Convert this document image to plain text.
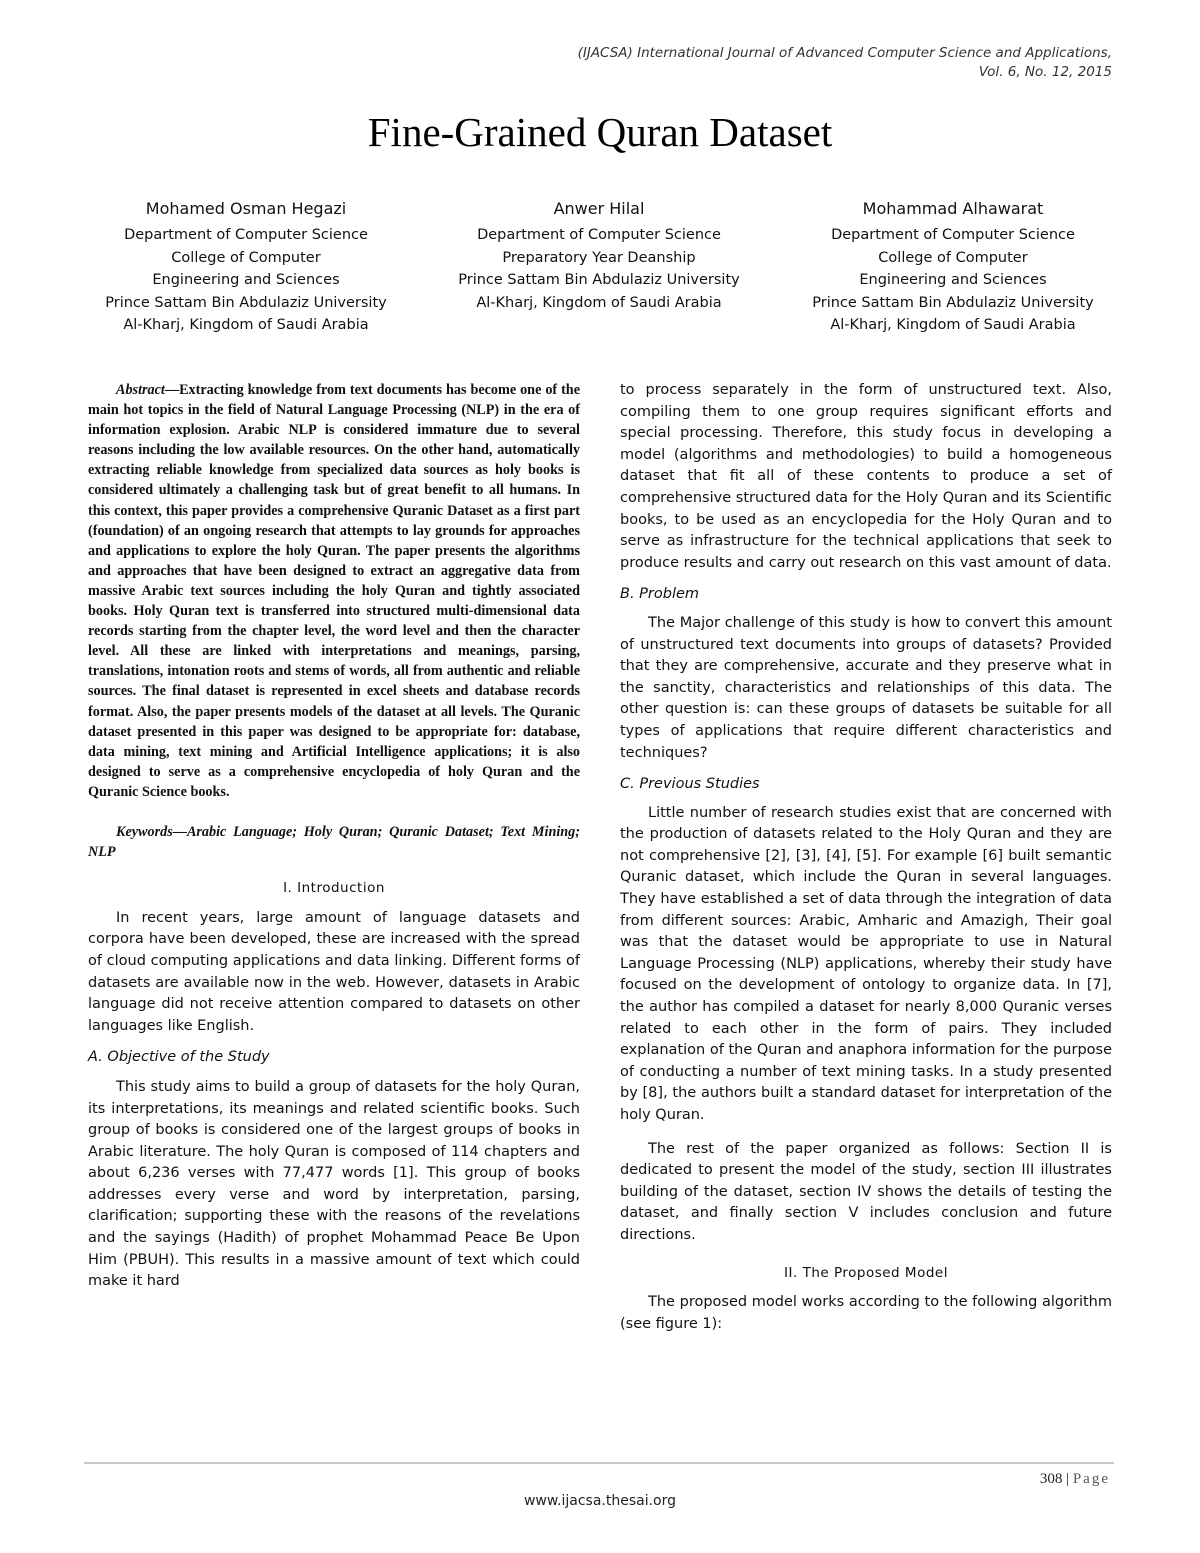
(IJACSA) International Journal of Advanced Computer Science and Applications,
Vol. 6, No. 12, 2015
Fine-Grained Quran Dataset
Mohamed Osman Hegazi
Department of Computer Science
College of Computer
Engineering and Sciences
Prince Sattam Bin Abdulaziz University
Al-Kharj, Kingdom of Saudi Arabia
Anwer Hilal
Department of Computer Science
Preparatory Year Deanship
Prince Sattam Bin Abdulaziz University
Al-Kharj, Kingdom of Saudi Arabia
Mohammad Alhawarat
Department of Computer Science
College of Computer
Engineering and Sciences
Prince Sattam Bin Abdulaziz University
Al-Kharj, Kingdom of Saudi Arabia

Abstract—Extracting knowledge from text documents has become one of the main hot topics in the field of Natural Language Processing (NLP) in the era of information explosion. Arabic NLP is considered immature due to several reasons including the low available resources. On the other hand, automatically extracting reliable knowledge from specialized data sources as holy books is considered ultimately a challenging task but of great benefit to all humans. In this context, this paper provides a comprehensive Quranic Dataset as a first part (foundation) of an ongoing research that attempts to lay grounds for approaches and applications to explore the holy Quran. The paper presents the algorithms and approaches that have been designed to extract an aggregative data from massive Arabic text sources including the holy Quran and tightly associated books. Holy Quran text is transferred into structured multi-dimensional data records starting from the chapter level, the word level and then the character level. All these are linked with interpretations and meanings, parsing, translations, intonation roots and stems of words, all from authentic and reliable sources. The final dataset is represented in excel sheets and database records format. Also, the paper presents models of the dataset at all levels. The Quranic dataset presented in this paper was designed to be appropriate for: database, data mining, text mining and Artificial Intelligence applications; it is also designed to serve as a comprehensive encyclopedia of holy Quran and the Quranic Science books.

Keywords—Arabic Language; Holy Quran; Quranic Dataset; Text Mining; NLP

I. Introduction

In recent years, large amount of language datasets and corpora have been developed, these are increased with the spread of cloud computing applications and data linking. Different forms of datasets are available now in the web. However, datasets in Arabic language did not receive attention compared to datasets on other languages like English.

A. Objective of the Study

This study aims to build a group of datasets for the holy Quran, its interpretations, its meanings and related scientific books. Such group of books is considered one of the largest groups of books in Arabic literature. The holy Quran is composed of 114 chapters and about 6,236 verses with 77,477 words [1]. This group of books addresses every verse and word by interpretation, parsing, clarification; supporting these with the reasons of the revelations and the sayings (Hadith) of prophet Mohammad Peace Be Upon Him (PBUH). This results in a massive amount of text which could make it hard

to process separately in the form of unstructured text. Also, compiling them to one group requires significant efforts and special processing. Therefore, this study focus in developing a model (algorithms and methodologies) to build a homogeneous dataset that fit all of these contents to produce a set of comprehensive structured data for the Holy Quran and its Scientific books, to be used as an encyclopedia for the Holy Quran and to serve as infrastructure for the technical applications that seek to produce results and carry out research on this vast amount of data.

B. Problem

The Major challenge of this study is how to convert this amount of unstructured text documents into groups of datasets? Provided that they are comprehensive, accurate and they preserve what in the sanctity, characteristics and relationships of this data. The other question is: can these groups of datasets be suitable for all types of applications that require different characteristics and techniques?

C. Previous Studies

Little number of research studies exist that are concerned with the production of datasets related to the Holy Quran and they are not comprehensive [2], [3], [4], [5]. For example [6] built semantic Quranic dataset, which include the Quran in several languages. They have established a set of data through the integration of data from different sources: Arabic, Amharic and Amazigh, Their goal was that the dataset would be appropriate to use in Natural Language Processing (NLP) applications, whereby their study have focused on the development of ontology to organize data. In [7], the author has compiled a dataset for nearly 8,000 Quranic verses related to each other in the form of pairs. They included explanation of the Quran and anaphora information for the purpose of conducting a number of text mining tasks. In a study presented by [8], the authors built a standard dataset for interpretation of the holy Quran.

The rest of the paper organized as follows: Section II is dedicated to present the model of the study, section III illustrates building of the dataset, section IV shows the details of testing the dataset, and finally section V includes conclusion and future directions.

II. The Proposed Model

The proposed model works according to the following algorithm (see figure 1):

308 | Page
www.ijacsa.thesai.org
